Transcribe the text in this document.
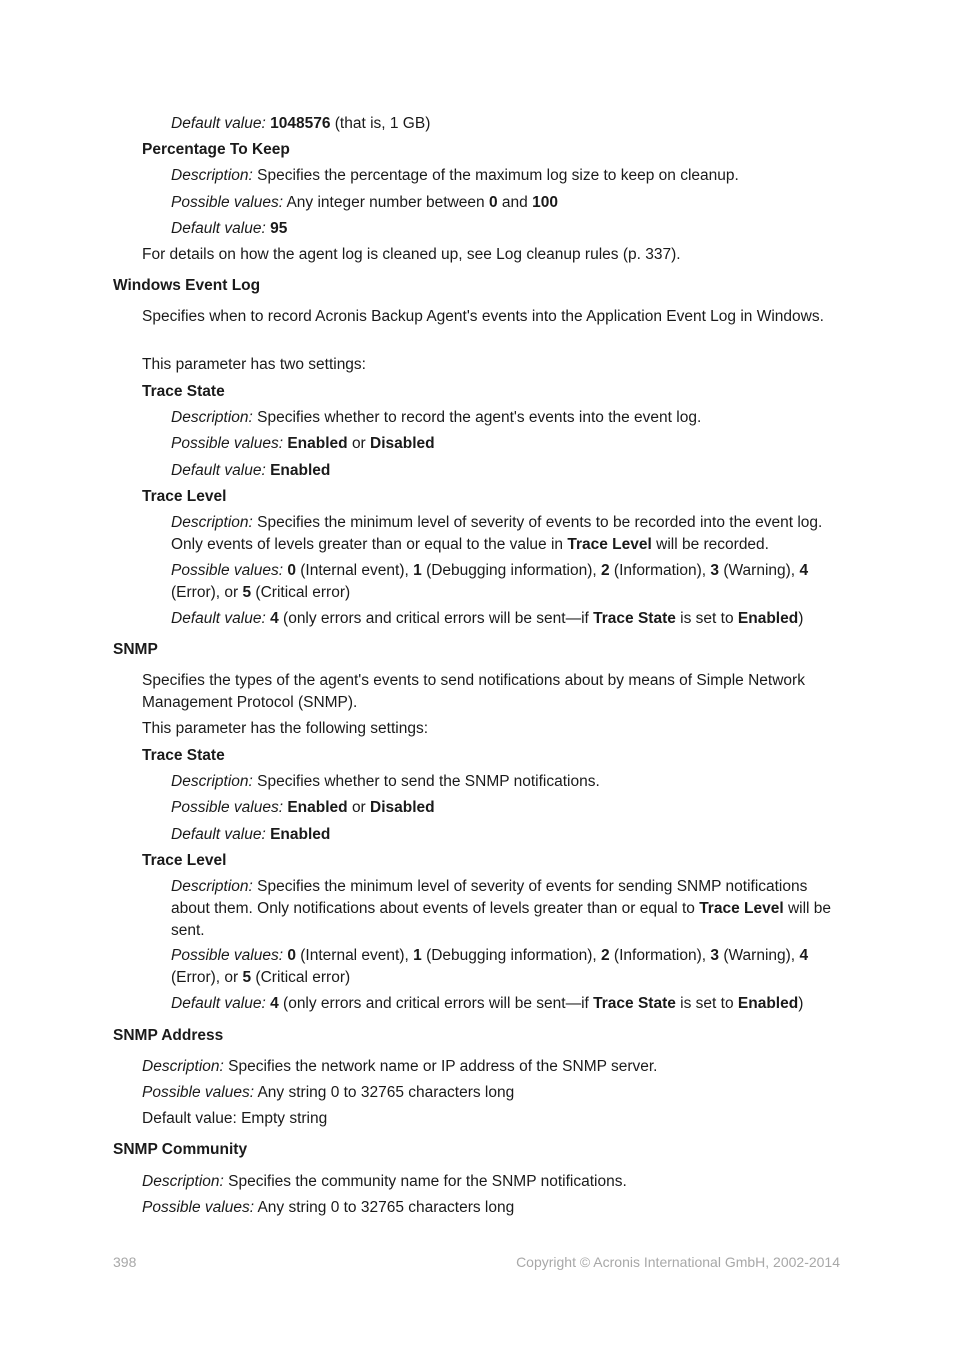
Default value: 1048576 (that is, 1 GB)
Percentage To Keep
Description: Specifies the percentage of the maximum log size to keep on cleanup.
Possible values: Any integer number between 0 and 100
Default value: 95
For details on how the agent log is cleaned up, see Log cleanup rules (p. 337).
Windows Event Log
Specifies when to record Acronis Backup Agent's events into the Application Event Log in Windows.
This parameter has two settings:
Trace State
Description: Specifies whether to record the agent's events into the event log.
Possible values: Enabled or Disabled
Default value: Enabled
Trace Level
Description: Specifies the minimum level of severity of events to be recorded into the event log. Only events of levels greater than or equal to the value in Trace Level will be recorded.
Possible values: 0 (Internal event), 1 (Debugging information), 2 (Information), 3 (Warning), 4 (Error), or 5 (Critical error)
Default value: 4 (only errors and critical errors will be sent—if Trace State is set to Enabled)
SNMP
Specifies the types of the agent's events to send notifications about by means of Simple Network Management Protocol (SNMP).
This parameter has the following settings:
Trace State
Description: Specifies whether to send the SNMP notifications.
Possible values: Enabled or Disabled
Default value: Enabled
Trace Level
Description: Specifies the minimum level of severity of events for sending SNMP notifications about them. Only notifications about events of levels greater than or equal to Trace Level will be sent.
Possible values: 0 (Internal event), 1 (Debugging information), 2 (Information), 3 (Warning), 4 (Error), or 5 (Critical error)
Default value: 4 (only errors and critical errors will be sent—if Trace State is set to Enabled)
SNMP Address
Description: Specifies the network name or IP address of the SNMP server.
Possible values: Any string 0 to 32765 characters long
Default value: Empty string
SNMP Community
Description: Specifies the community name for the SNMP notifications.
Possible values: Any string 0 to 32765 characters long
398	Copyright © Acronis International GmbH, 2002-2014
